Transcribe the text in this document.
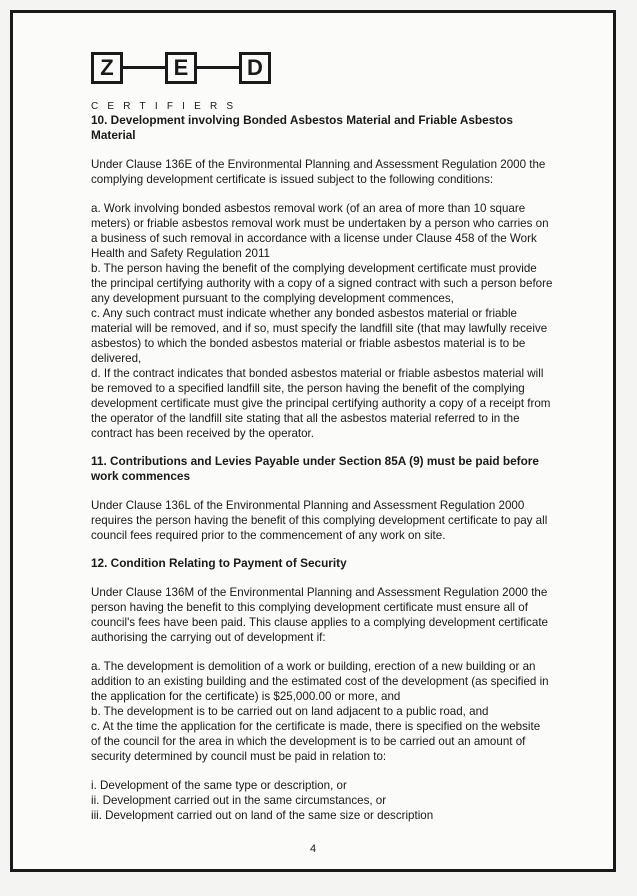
Z	E	D
CERTIFIERS
10. Development involving Bonded Asbestos Material and Friable Asbestos Material

Under Clause 136E of the Environmental Planning and Assessment Regulation 2000 the complying development certificate is issued subject to the following conditions:

a. Work involving bonded asbestos removal work (of an area of more than 10 square meters) or friable asbestos removal work must be undertaken by a person who carries on a business of such removal in accordance with a license under Clause 458 of the Work Health and Safety Regulation 2011

b. The person having the benefit of the complying development certificate must provide the principal certifying authority with a copy of a signed contract with such a person before any development pursuant to the complying development commences,

c. Any such contract must indicate whether any bonded asbestos material or friable material will be removed, and if so, must specify the landfill site (that may lawfully receive asbestos) to which the bonded asbestos material or friable asbestos material is to be delivered,

d. If the contract indicates that bonded asbestos material or friable asbestos material will be removed to a specified landfill site, the person having the benefit of the complying development certificate must give the principal certifying authority a copy of a receipt from the operator of the landfill site stating that all the asbestos material referred to in the contract has been received by the operator.

11. Contributions and Levies Payable under Section 85A (9) must be paid before work commences

Under Clause 136L of the Environmental Planning and Assessment Regulation 2000 requires the person having the benefit of this complying development certificate to pay all council fees required prior to the commencement of any work on site.

12. Condition Relating to Payment of Security

Under Clause 136M of the Environmental Planning and Assessment Regulation 2000 the person having the benefit to this complying development certificate must ensure all of council's fees have been paid. This clause applies to a complying development certificate authorising the carrying out of development if:

a. The development is demolition of a work or building, erection of a new building or an addition to an existing building and the estimated cost of the development (as specified in the application for the certificate) is $25,000.00 or more, and

b. The development is to be carried out on land adjacent to a public road, and

c. At the time the application for the certificate is made, there is specified on the website of the council for the area in which the development is to be carried out an amount of security determined by council must be paid in relation to:

i. Development of the same type or description, or

ii. Development carried out in the same circumstances, or

iii. Development carried out on land of the same size or description

4
